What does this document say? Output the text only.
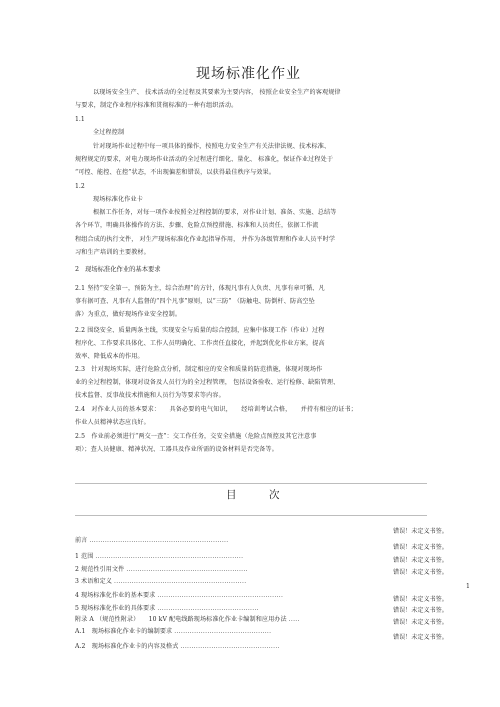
现场标准化作业
以现场安全生产、 技术活动的全过程及其要素为主要内容， 按照企业安全生产的客观规律
与要求，制定作业程序标准和贯彻标准的一种有组织活动。
1.1
全过程控制
针对现场作业过程中每一项具体的操作，按照电力安全生产有关法律法规、技术标准、
规程规定的要求，对电力现场作业活动的全过程进行细化、量化、 标准化，保证作业过程处于
“可控、能控、在控”状态，不出现偏差和错误，以获得最佳秩序与效果。
1.2
现场标准化作业卡
根据工作任务，对每一项作业按照全过程控制的要求，对作业计划、准备、实施、总结等
各个环节，明确具体操作的方法、步骤、危险点预控措施、标准和人员责任，依据工作流
程组合成的执行文件， 对生产现场标准化作业起指导作用， 并作为各级管理和作业人员平时学
习和生产培训的主要教材。
2 现场标准化作业的基本要求
2.1 坚持“安全第一，预防为主，综合治理”的方针，体现凡事有人负责、凡事有章可循、凡
事有据可查、凡事有人监督的“四个凡事”原则，以“三防” （防触电、防倒杆、防高空坠
落）为重点，做好现场作业安全控制。
2.2 围绕安全、质量两条主线，实现安全与质量的综合控制，应集中体现工作（作业）过程
程序化、工作要求具体化、工作人员明确化、工作责任直接化，并起到优化作业方案，提高
效率、降低成本的作用。
2.3　针对现场实际，进行危险点分析，制定相应的安全和质量的防范措施，体现对现场作
业的全过程控制，体现对设备及人员行为的全过程管理， 包括设备验收、运行检修、缺陷管理、
技术监督、反事故技术措施和人员行为等要求等内容。
2.4　对作业人员的基本要求：　　具备必要的电气知识，　　经培训考试合格，　　并持有相应的证书；
作业人员精神状态应良好。
2.5　作业前必须进行“两交一查”：交工作任务，交安全措施（危险点预控及其它注意事
项）；查人员健康、精神状况、工器具及作业所需的设备材料是否完备等。
目　次
前言 ...............................................................
错误！未定义书签。
1 范围 ...................................................................
错误！未定义书签。
2 规范性引用文件 .......................................................
错误！未定义书签。
3 术语和定义 ............................................................
错误！未定义书签。
4 现场标准化作业的基本要求 .........................................................
1
5 现场标准化作业的具体要求 ..............................................
错误！未定义书签。
附录 A （规范性附录）　　10 kV 配电线路现场标准化作业卡编制和应用办法 .....
错误！未定义书签。
A.1　现场标准化作业卡的编制要求 ............................................
错误！未定义书签。
A.2　现场标准化作业卡的内容及格式 .............................................
错误！未定义书签。
